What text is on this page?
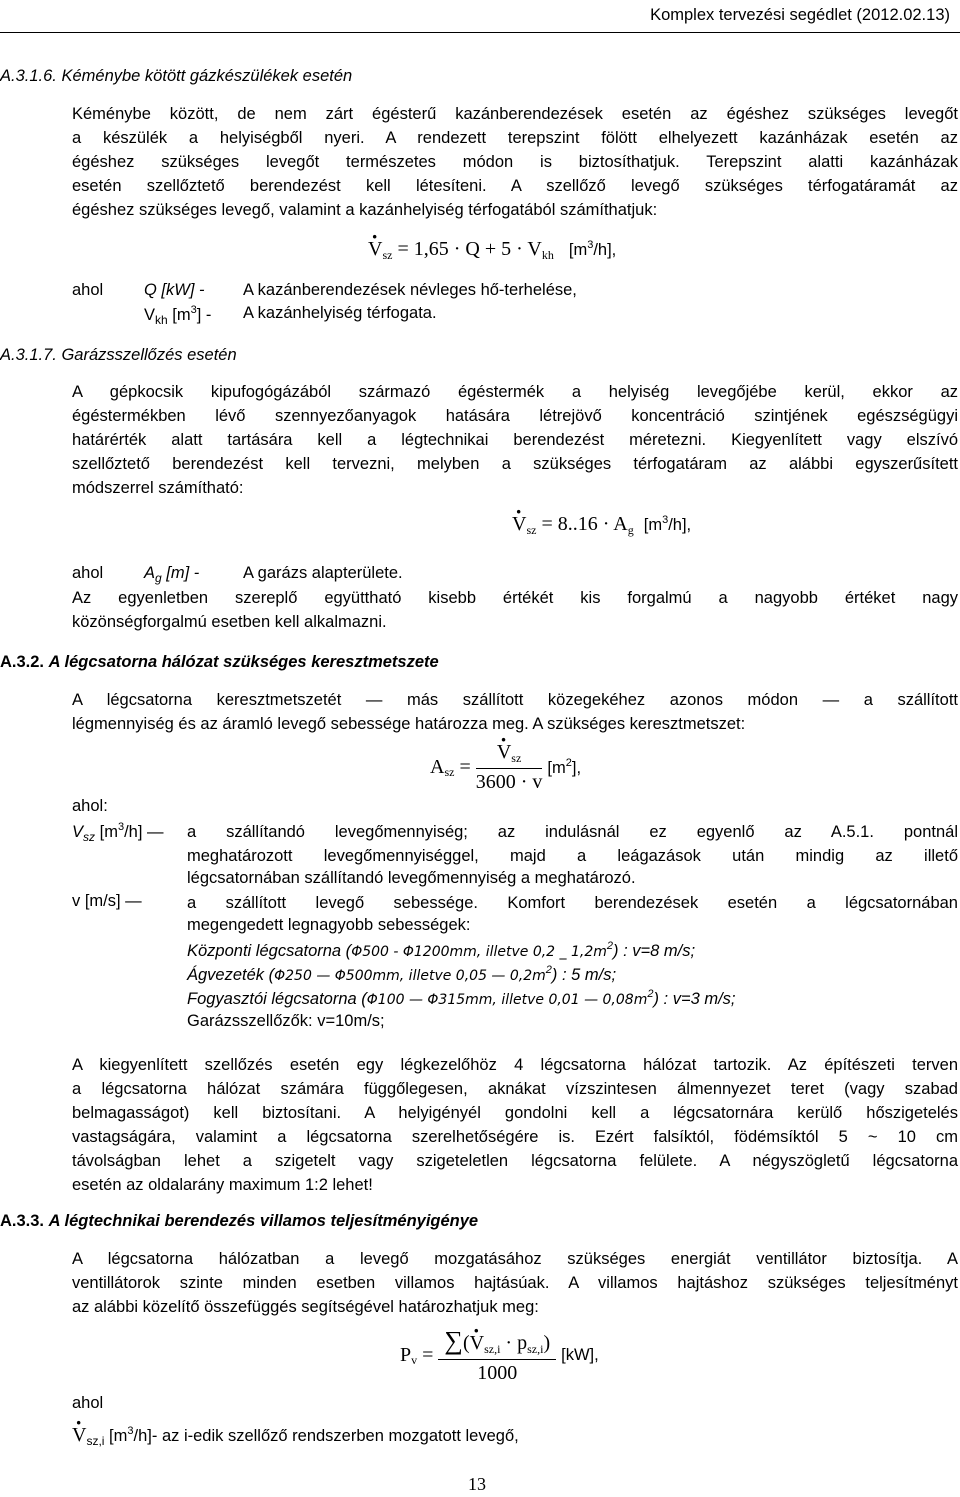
Komplex tervezési segédlet (2012.02.13)
A.3.1.6. Kéménybe kötött gázkészülékek esetén
Kéménybe között, de nem zárt égésterű kazánberendezések esetén az égéshez szükséges levegőt
a készülék a helyiségből nyeri. A rendezett terepszint fölött elhelyezett kazánházak esetén az
égéshez szükséges levegőt természetes módon is biztosíthatjuk. Terepszint alatti kazánházak
esetén szellőztető berendezést kell létesíteni. A szellőző levegő szükséges térfogatáramát az
égéshez szükséges levegő, valamint a kazánhelyiség térfogatából számíthatjuk:
· $V_{sz} = 1,65 \cdot Q + 5 \cdot V_{kh}$ $[m^3/h]$,
ahol Q [kW] - A kazánberendezések névleges hő-terhelése,
$V_{kh}$ $[m^3]$ - A kazánhelyiség térfogata.
A.3.1.7. Garázsszellőzés esetén
A gépkocsik kipufogógázából származó égéstermék a helyiség levegőjébe kerül, ekkor az
égéstermékben lévő szennyezőanyagok hatására létrejövő koncentráció szintjének egészségügyi
határérték alatt tartására kell a légtechnikai berendezést méretezni. Kiegyenlített vagy elszívó
szellőztető berendezést kell tervezni, melyben a szükséges térfogatáram az alábbi egyszerűsített
módszerrel számítható:
· $V_{sz} = 8..16 \cdot A_g$ $[m^3/h]$,
ahol $A_g$ [m] -	A garázs alapterülete.
Az egyenletben szereplő együttható kisebb értékét kis forgalmú a nagyobb értéket nagy
közönségforgalmú esetben kell alkalmazni.
A.3.2. A légcsatorna hálózat szükséges keresztmetszete
A légcsatorna keresztmetszetét — más szállított közegekéhez azonos módon — a szállított
légmennyiség és az áramló levegő sebessége határozza meg. A szükséges keresztmetszet:
$A_{sz}$ =
· $\frac{V_{sz}}{3600 \cdot v} [m^2]$,
ahol:
$V_{sz}$ $[m^3/h]$ — a szállítandó levegőmennyiség; az indulásnál ez egyenlő az A.5.1. pontnál
meghatározott levegőmennyiséggel, majd a leágazások után mindig az illető
légcsatornában szállítandó levegőmennyiség a meghatározó.
v [m/s] —	a szállított levegő sebessége. Komfort berendezések esetén a légcsatornában
megengedett legnagyobb sebességek:
Központi légcsatorna (Φ500 - Φ1200mm, illetve 0,2 _ $1,2m^2$) : v=8 m/s;
Ágvezeték (Φ250 — Φ500mm, illetve 0,05 — $0,2m^2$) : 5 m/s;
Fogyasztói légcsatorna (Φ100 — Φ315mm, illetve 0,01 — $0,08m^2$) : v=3 m/s;
Garázsszellőzők: v=10m/s;
A kiegyenlített szellőzés esetén egy légkezelőhöz 4 légcsatorna hálózat tartozik. Az építészeti terven
a légcsatorna hálózat számára függőlegesen, aknákat vízszintesen álmennyezet teret (vagy szabad
belmagasságot) kell biztosítani. A helyigényél gondolni kell a légcsatornára kerülő hőszigetelés
vastagságára, valamint a légcsatorna szerelhetőségére is. Ezért falsíktól, födémsíktól 5 ~ 10 cm
távolságban lehet a szigetelt vagy szigeteletlen légcsatorna felülete. A négyszögletű légcsatorna
esetén az oldalarány maximum 1:2 lehet!
A.3.3. A légtechnikai berendezés villamos teljesítményigénye
A légcsatorna hálózatban a levegő mozgatásához szükséges energiát ventillátor biztosítja. A
ventillátorok szinte minden esetben villamos hajtásúak. A villamos hajtáshoz szükséges teljesítményt
az alábbi közelítő összefüggés segítségével határozhatjuk meg:
$P_v = \frac{\sum(\cdot V_{sz,i} \cdot p_{sz,i})}{1000} [kW]$,
ahol
· $V_{sz,i}$ $[m^3/h]-$ az i-edik szellőző rendszerben mozgatott levegő,
13
